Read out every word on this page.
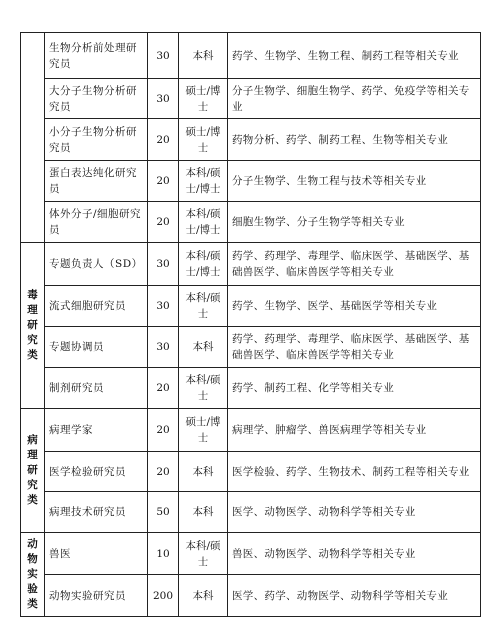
	生物分析前处理研究员	30	本科	药学、生物学、生物工程、制药工程等相关专业
	大分子生物分析研究员	30	硕士/博士	分子生物学、细胞生物学、药学、免疫学等相关专业
	小分子生物分析研究员	20	硕士/博士	药物分析、药学、制药工程、生物等相关专业
	蛋白表达纯化研究员	20	本科/硕士/博士	分子生物学、生物工程与技术等相关专业
	体外分子/细胞研究员	20	本科/硕士/博士	细胞生物学、分子生物学等相关专业
毒理研究类	专题负责人（SD）	30	本科/硕士/博士	药学、药理学、毒理学、临床医学、基础医学、基础兽医学、临床兽医学等相关专业
	流式细胞研究员	30	本科/硕士	药学、生物学、医学、基础医学等相关专业
	专题协调员	30	本科	药学、药理学、毒理学、临床医学、基础医学、基础兽医学、临床兽医学等相关专业
	制剂研究员	20	本科/硕士	药学、制药工程、化学等相关专业
病理研究类	病理学家	20	硕士/博士	病理学、肿瘤学、兽医病理学等相关专业
	医学检验研究员	20	本科	医学检验、药学、生物技术、制药工程等相关专业
	病理技术研究员	50	本科	医学、动物医学、动物科学等相关专业
动物实验类	兽医	10	本科/硕士	兽医、动物医学、动物科学等相关专业
	动物实验研究员	200	本科	医学、药学、动物医学、动物科学等相关专业
